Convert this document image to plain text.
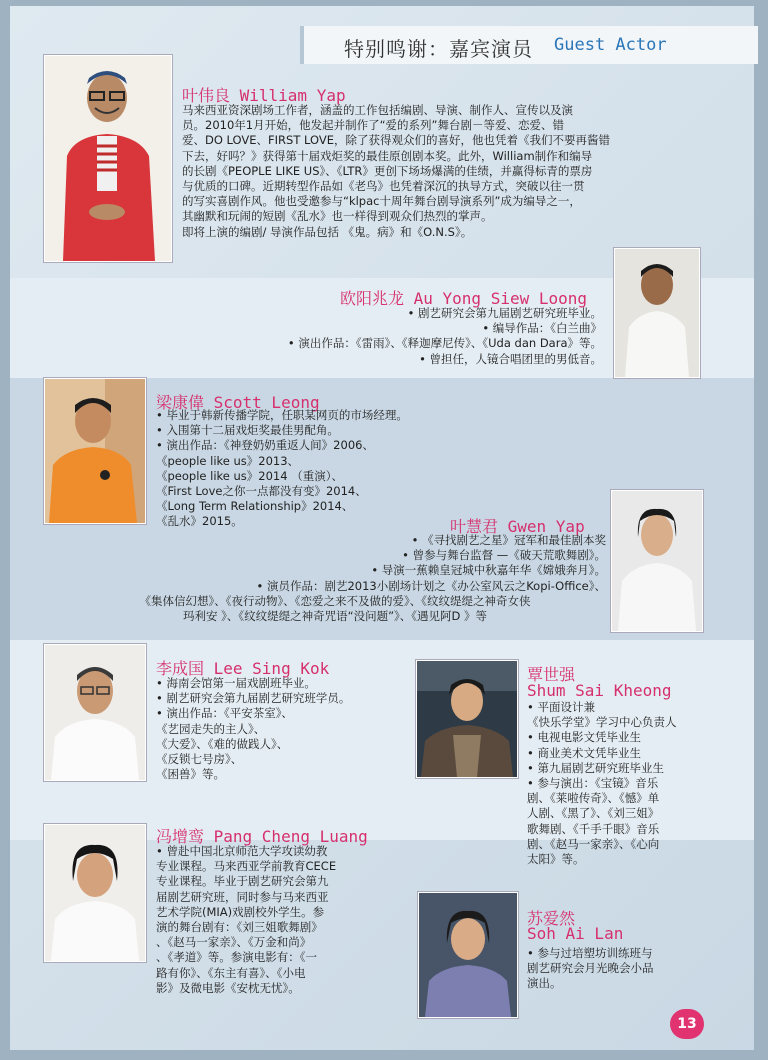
特别鸣谢：嘉宾演员 Guest Actor
叶伟良 William Yap
马来西亚资深剧场工作者，涵盖的工作包括编剧、导演、制作人、宣传以及演
员。2010年1月开始，他发起并制作了“爱的系列”舞台剧－等爱、恋爱、错
爱、DO LOVE、FIRST LOVE，除了获得观众们的喜好，他也凭着《我们不要再酱错
下去，好吗？》获得第十届戏炬奖的最佳原创剧本奖。此外，William制作和编导
的长剧《PEOPLE LIKE US》、《LTR》更创下场场爆满的佳绩，并赢得标青的票房
与优质的口碑。近期转型作品如《老鸟》也凭着深沉的执导方式，突破以往一贯
的写实喜剧作风。他也受邀参与“klpac十周年舞台剧导演系列”成为编导之一，
其幽默和玩闹的短剧《乱水》也一样得到观众们热烈的掌声。
即将上演的编剧/ 导演作品包括 《鬼。病》和《O.N.S》。
欧阳兆龙 Au Yong Siew Loong
• 剧艺研究会第九届剧艺研究班毕业。
• 编导作品：《白兰曲》
• 演出作品：《雷雨》、《释迦摩尼传》、《Uda dan Dara》等。
• 曾担任，人镜合唱团里的男低音。
梁康偉 Scott Leong
• 毕业于韩新传播学院，任职某网页的市场经理。
• 入围第十二届戏炬奖最佳男配角。
• 演出作品：《神登奶奶重返人间》2006、
《people like us》2013、
《people like us》2014 （重演）、
《First Love之你一点都没有变》2014、
《Long Term Relationship》2014、
《乱水》2015。	叶慧君 Gwen Yap
• 《寻找剧艺之星》冠军和最佳剧本奖
• 曾参与舞台监督 —《破天荒歌舞剧》。
• 导演一蕉赖皇冠城中秋嘉年华《嫦娥奔月》。
• 演员作品：剧艺2013小剧场计划之《办公室风云之Kopi-Office》、
《集体信幻想》、《夜行动物》、《恋爱之来不及做的爱》、《纹纹缇缇之神奇女侠
玛利安 》、《纹纹缇缇之神奇咒语“没问题”》、《遇见阿D 》等
李成国 Lee Sing Kok
• 海南会馆第一届戏剧班毕业。
• 剧艺研究会第九届剧艺研究班学员。
• 演出作品：《平安茶室》、
《艺园走失的主人》、
《大爱》、《难的做践人》、
《反锁七号房》、
《困兽》等。
覃世强
Shum Sai Kheong
• 平面设计兼
《快乐学堂》学习中心负责人
• 电视电影文凭毕业生
• 商业美术文凭毕业生
• 第九届剧艺研究班毕业生
• 参与演出：《宝镜》音乐
剧、《莱啦传奇》、《憾》单
人剧、《黑了》、《刘三姐》
歌舞剧、《千手千眼》音乐
剧、《赵马一家亲》、《心向
太阳》等。
冯增鸾 Pang Cheng Luang
• 曾赴中国北京师范大学攻读幼教
专业课程。马来西亚学前教育CECE
专业课程。毕业于剧艺研究会第九
届剧艺研究班，同时参与马来西亚
艺术学院(MIA)戏剧校外学生。参
演的舞台剧有：《刘三姐歌舞剧》
、《赵马一家亲》、《万金和尚》
、《孝道》等。参演电影有：《一
路有你》、《东主有喜》、《小电
影》及微电影《安枕无忧》。
苏爱然
Soh Ai Lan
• 参与过培塑坊训练班与
剧艺研究会月光晚会小品
演出。
13
